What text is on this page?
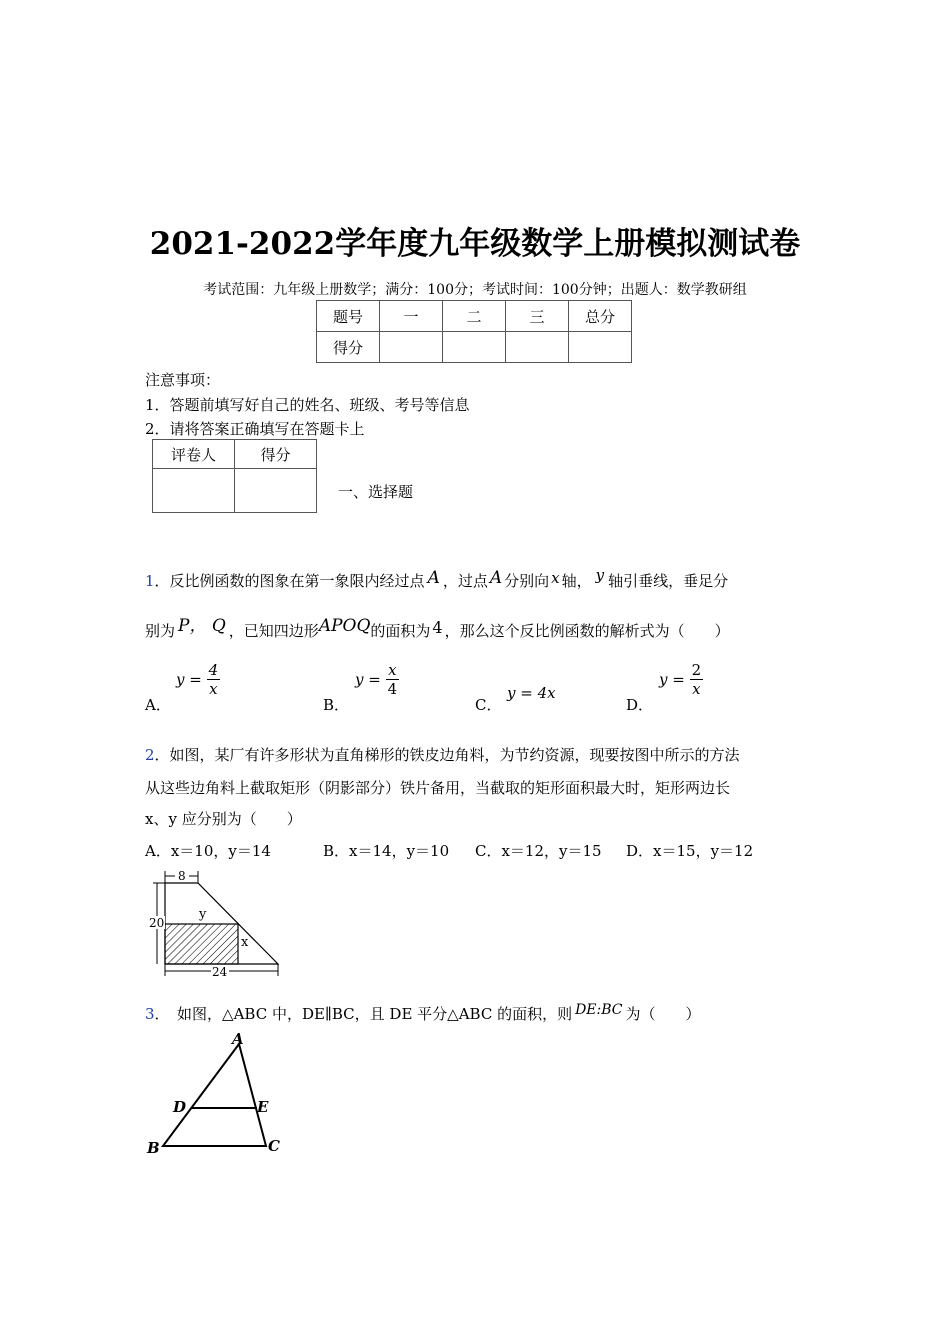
2021-2022学年度九年级数学上册模拟测试卷
考试范围：九年级上册数学；满分：100分；考试时间：100分钟；出题人：数学教研组
题号	一	二	三	总分
得分				
注意事项：
1．答题前填写好自己的姓名、班级、考号等信息
2．请将答案正确填写在答题卡上
评卷人	得分

一、选择题
1．反比例函数的图象在第一象限内经过点 A ，过点 A 分别向 x 轴， y 轴引垂线，垂足分
别为 P， Q ，已知四边形APOQ的面积为 4 ，那么这个反比例函数的解析式为（　　）
A．
$y = \frac{4}{x}$
B．
$y = \frac{x}{4}$
C．
y = 4x
D．
$y = \frac{2}{x}$
2．如图，某厂有许多形状为直角梯形的铁皮边角料，为节约资源，现要按图中所示的方法
从这些边角料上截取矩形（阴影部分）铁片备用，当截取的矩形面积最大时，矩形两边长
x、y 应分别为（　　）
A．x＝10，y＝14	B．x＝14，y＝10 C．x＝12，y＝15 D．x＝15，y＝12
8
20
24
y
x
3．　如图，△ABC 中，DE∥BC，且 DE 平分△ABC 的面积，则 DE:BC 为（　　）
A
D	E
B	C
